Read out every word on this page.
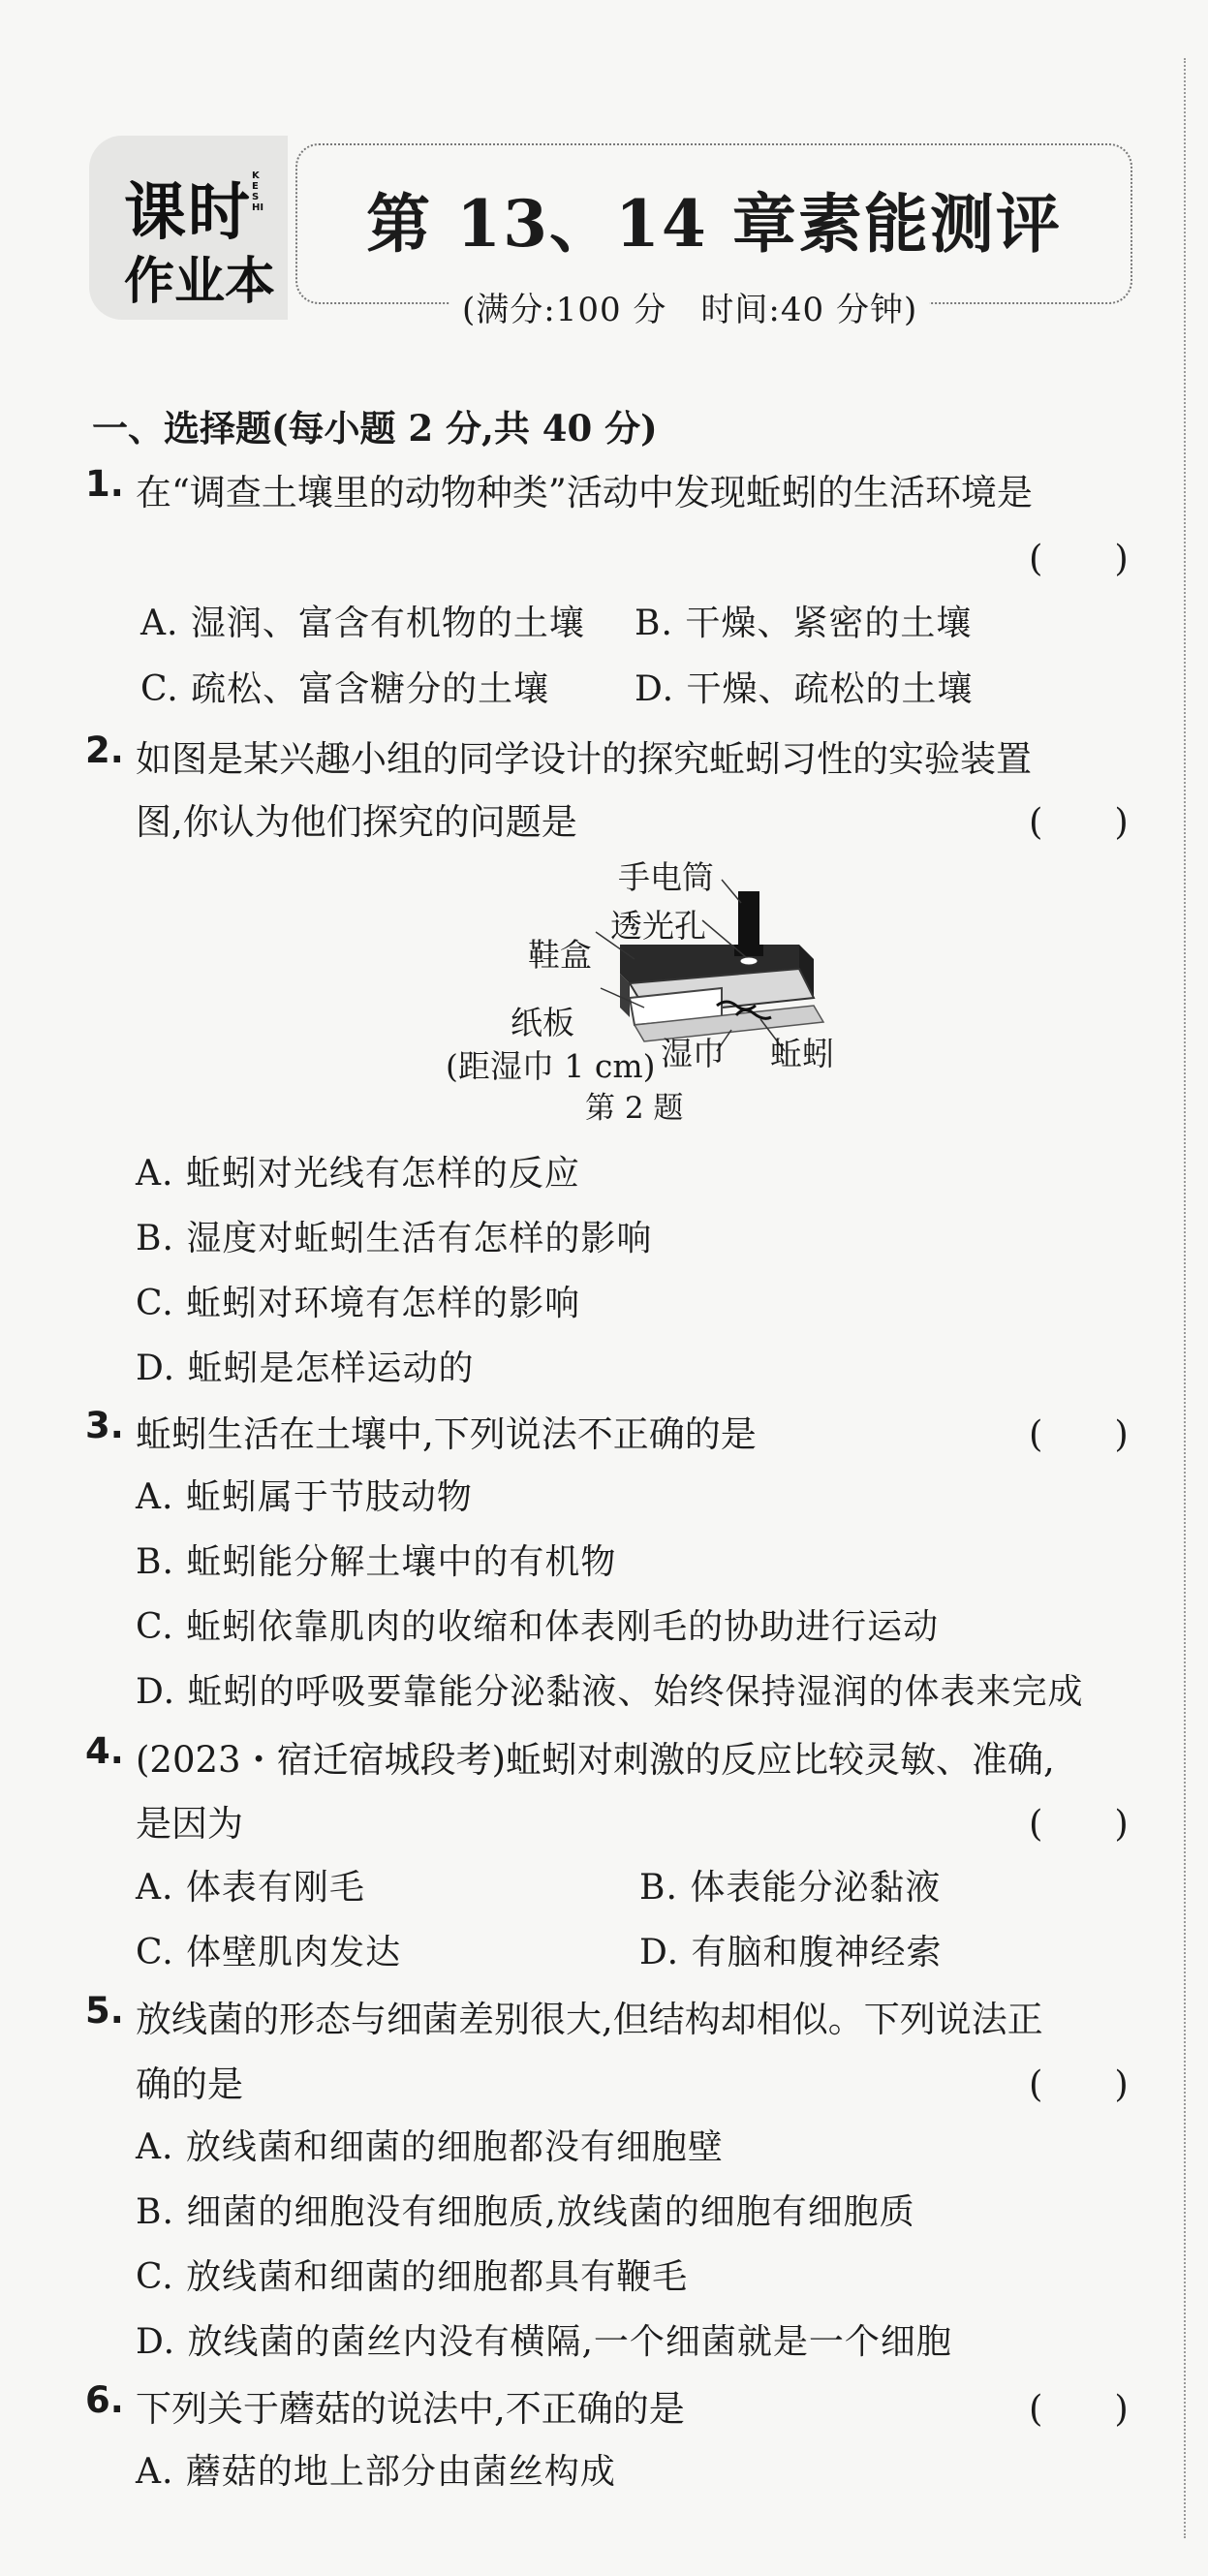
课时
KESHI
作业本
第 13、14 章素能测评
(满分:100 分　时间:40 分钟)
一、选择题(每小题 2 分,共 40 分)
1. 在“调查土壤里的动物种类”活动中发现蚯蚓的生活环境是
(　　)
A. 湿润、富含有机物的土壤 B. 干燥、紧密的土壤
C. 疏松、富含糖分的土壤 D. 干燥、疏松的土壤
2. 如图是某兴趣小组的同学设计的探究蚯蚓习性的实验装置
图,你认为他们探究的问题是	(　　)
手电筒
透光孔
鞋盒
纸板
(距湿巾 1 cm) 湿巾 蚯蚓
第 2 题
A. 蚯蚓对光线有怎样的反应
B. 湿度对蚯蚓生活有怎样的影响
C. 蚯蚓对环境有怎样的影响
D. 蚯蚓是怎样运动的
3. 蚯蚓生活在土壤中,下列说法不正确的是	(　　)
A. 蚯蚓属于节肢动物
B. 蚯蚓能分解土壤中的有机物
C. 蚯蚓依靠肌肉的收缩和体表刚毛的协助进行运动
D. 蚯蚓的呼吸要靠能分泌黏液、始终保持湿润的体表来完成
4. (2023・宿迁宿城段考)蚯蚓对刺激的反应比较灵敏、准确,
是因为	(　　)
A. 体表有刚毛	B. 体表能分泌黏液
C. 体壁肌肉发达	D. 有脑和腹神经索
5. 放线菌的形态与细菌差别很大,但结构却相似。下列说法正
确的是	(　　)
A. 放线菌和细菌的细胞都没有细胞壁
B. 细菌的细胞没有细胞质,放线菌的细胞有细胞质
C. 放线菌和细菌的细胞都具有鞭毛
D. 放线菌的菌丝内没有横隔,一个细菌就是一个细胞
6. 下列关于蘑菇的说法中,不正确的是	(　　)
A. 蘑菇的地上部分由菌丝构成
